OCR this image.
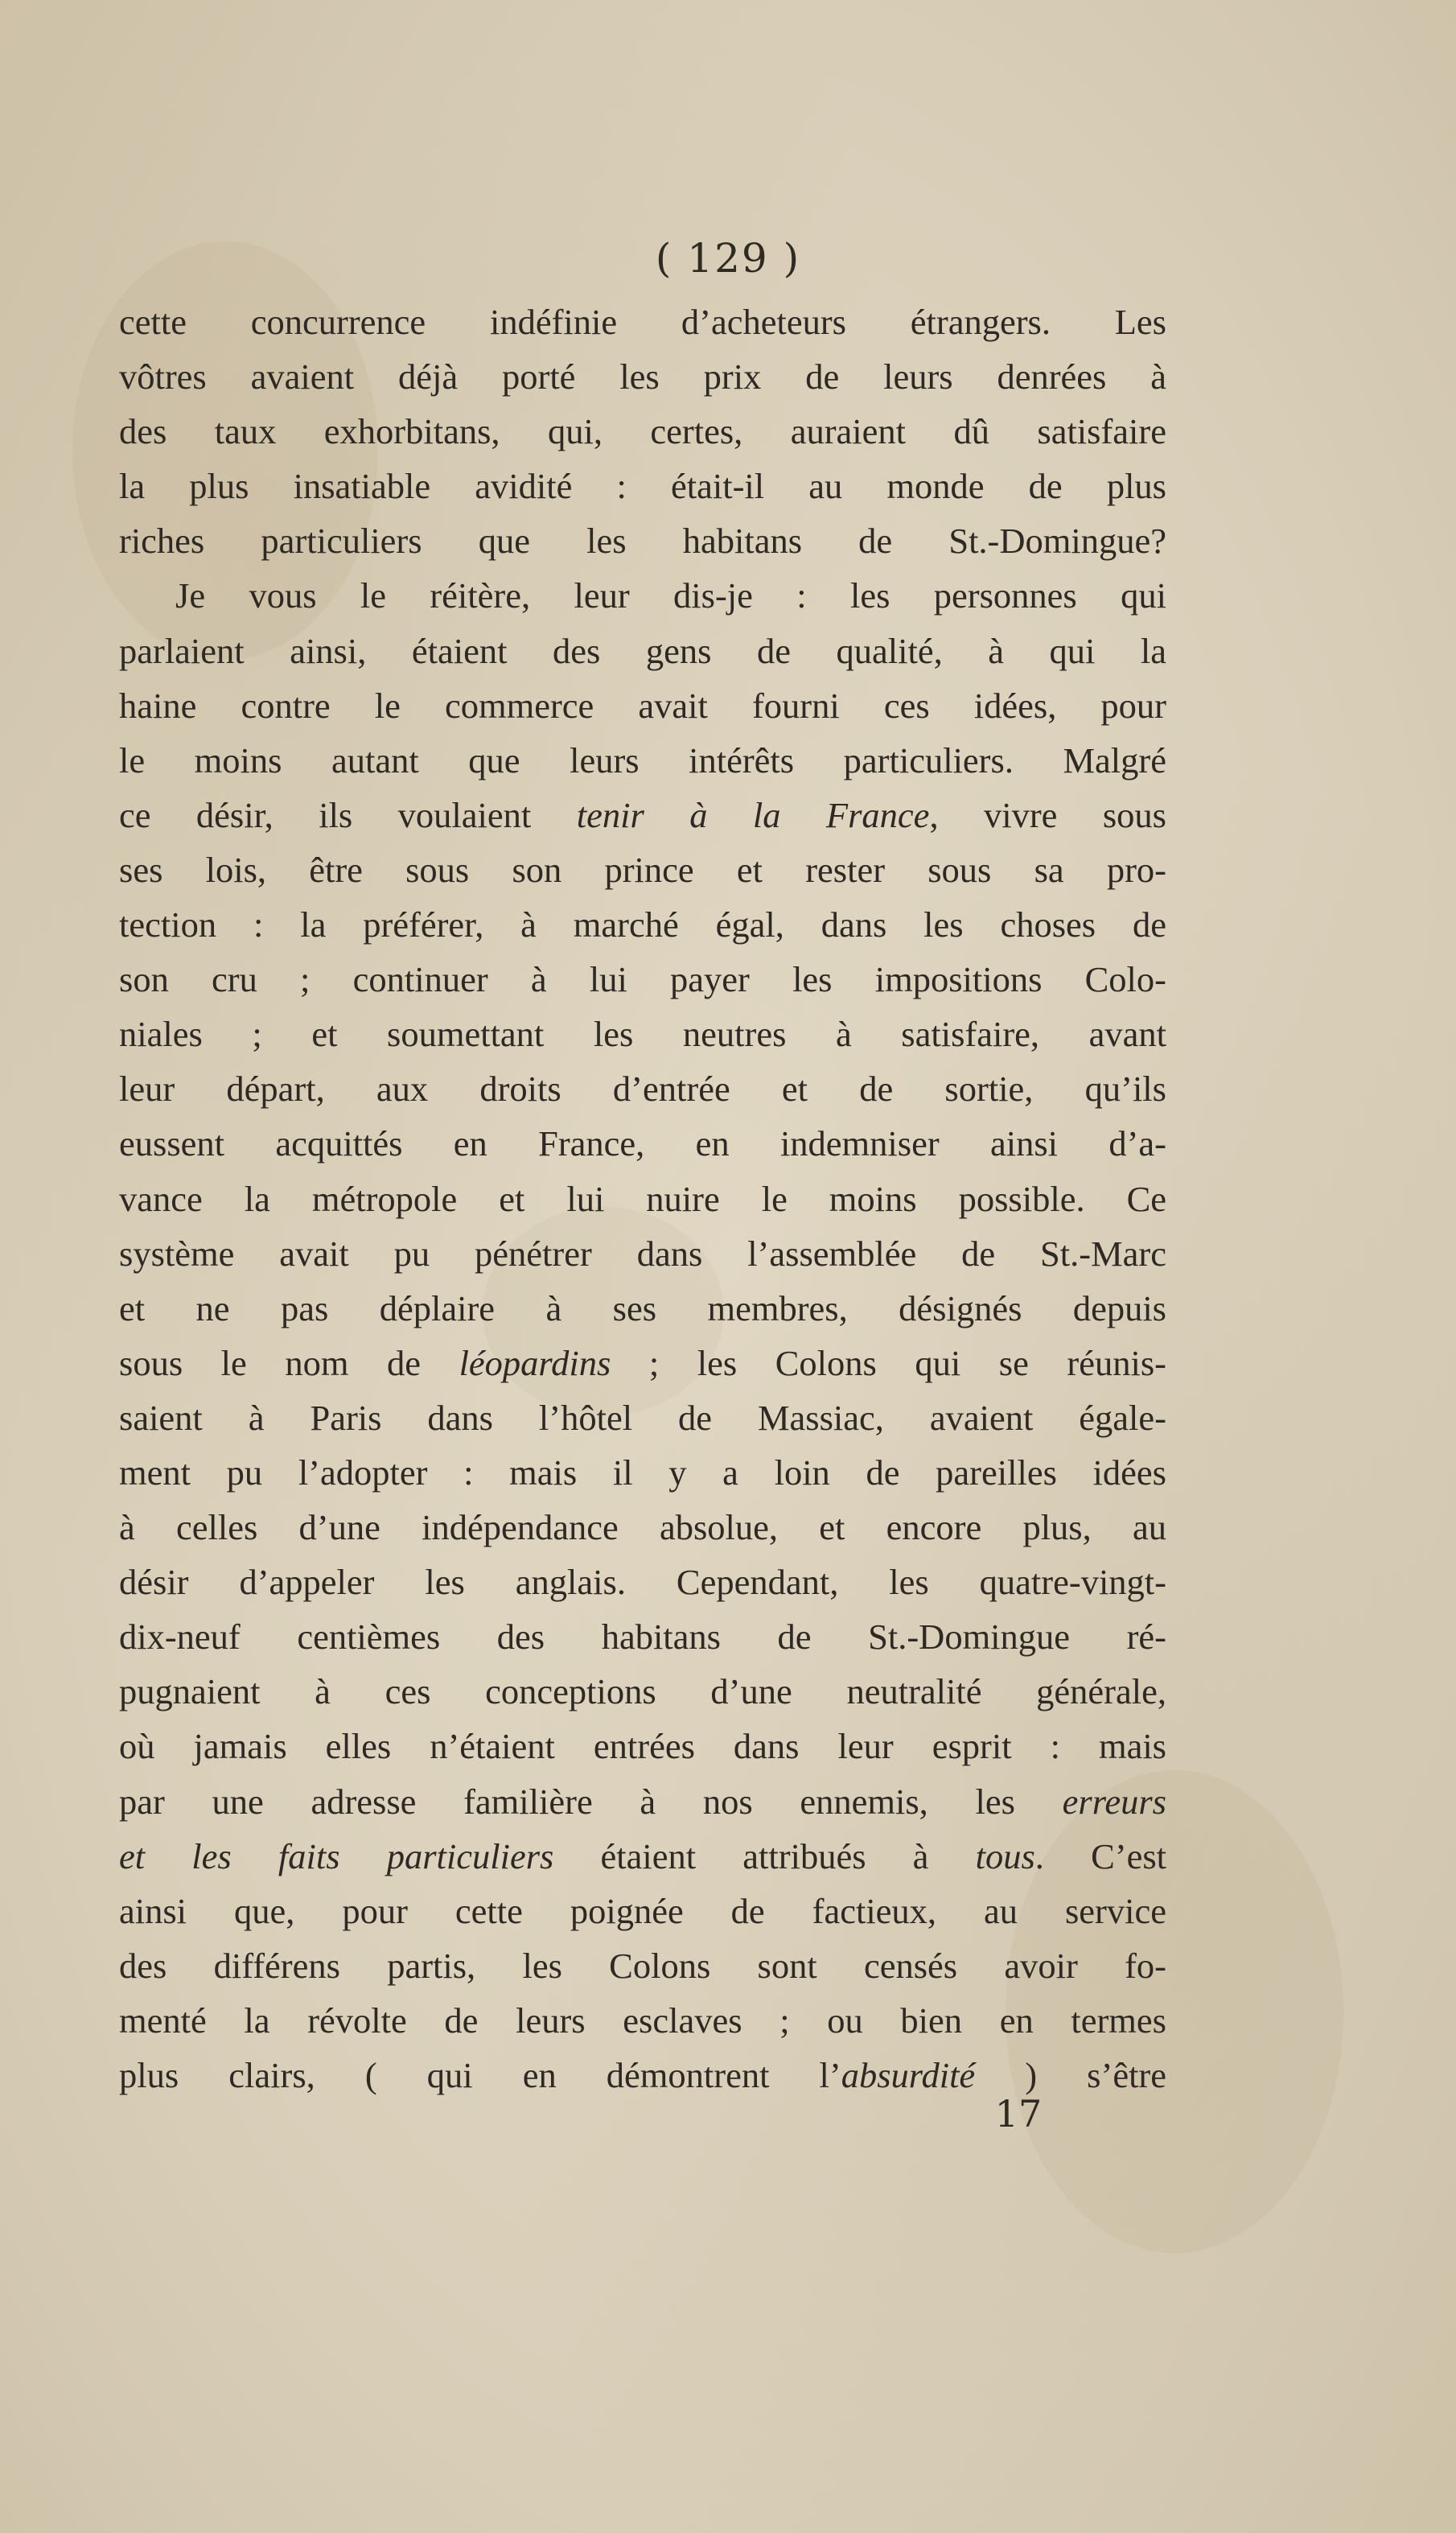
( 129 )
cette concurrence indéfinie d’acheteurs étrangers. Les
vôtres avaient déjà porté les prix de leurs denrées à
des taux exhorbitans, qui, certes, auraient dû satisfaire
la plus insatiable avidité : était-il au monde de plus
riches particuliers que les habitans de St.-Domingue?
Je vous le réitère, leur dis-je : les personnes qui
parlaient ainsi, étaient des gens de qualité, à qui la
haine contre le commerce avait fourni ces idées, pour
le moins autant que leurs intérêts particuliers. Malgré
ce désir, ils voulaient tenir à la France, vivre sous
ses lois, être sous son prince et rester sous sa pro-
tection : la préférer, à marché égal, dans les choses de
son cru ; continuer à lui payer les impositions Colo-
niales ; et soumettant les neutres à satisfaire, avant
leur départ, aux droits d’entrée et de sortie, qu’ils
eussent acquittés en France, en indemniser ainsi d’a-
vance la métropole et lui nuire le moins possible. Ce
système avait pu pénétrer dans l’assemblée de St.-Marc
et ne pas déplaire à ses membres, désignés depuis
sous le nom de léopardins ; les Colons qui se réunis-
saient à Paris dans l’hôtel de Massiac, avaient égale-
ment pu l’adopter : mais il y a loin de pareilles idées
à celles d’une indépendance absolue, et encore plus, au
désir d’appeler les anglais. Cependant, les quatre-vingt-
dix-neuf centièmes des habitans de St.-Domingue ré-
pugnaient à ces conceptions d’une neutralité générale,
où jamais elles n’étaient entrées dans leur esprit : mais
par une adresse familière à nos ennemis, les erreurs
et les faits particuliers étaient attribués à tous. C’est
ainsi que, pour cette poignée de factieux, au service
des différens partis, les Colons sont censés avoir fo-
menté la révolte de leurs esclaves ; ou bien en termes
plus clairs, ( qui en démontrent l’absurdité ) s’être
17
